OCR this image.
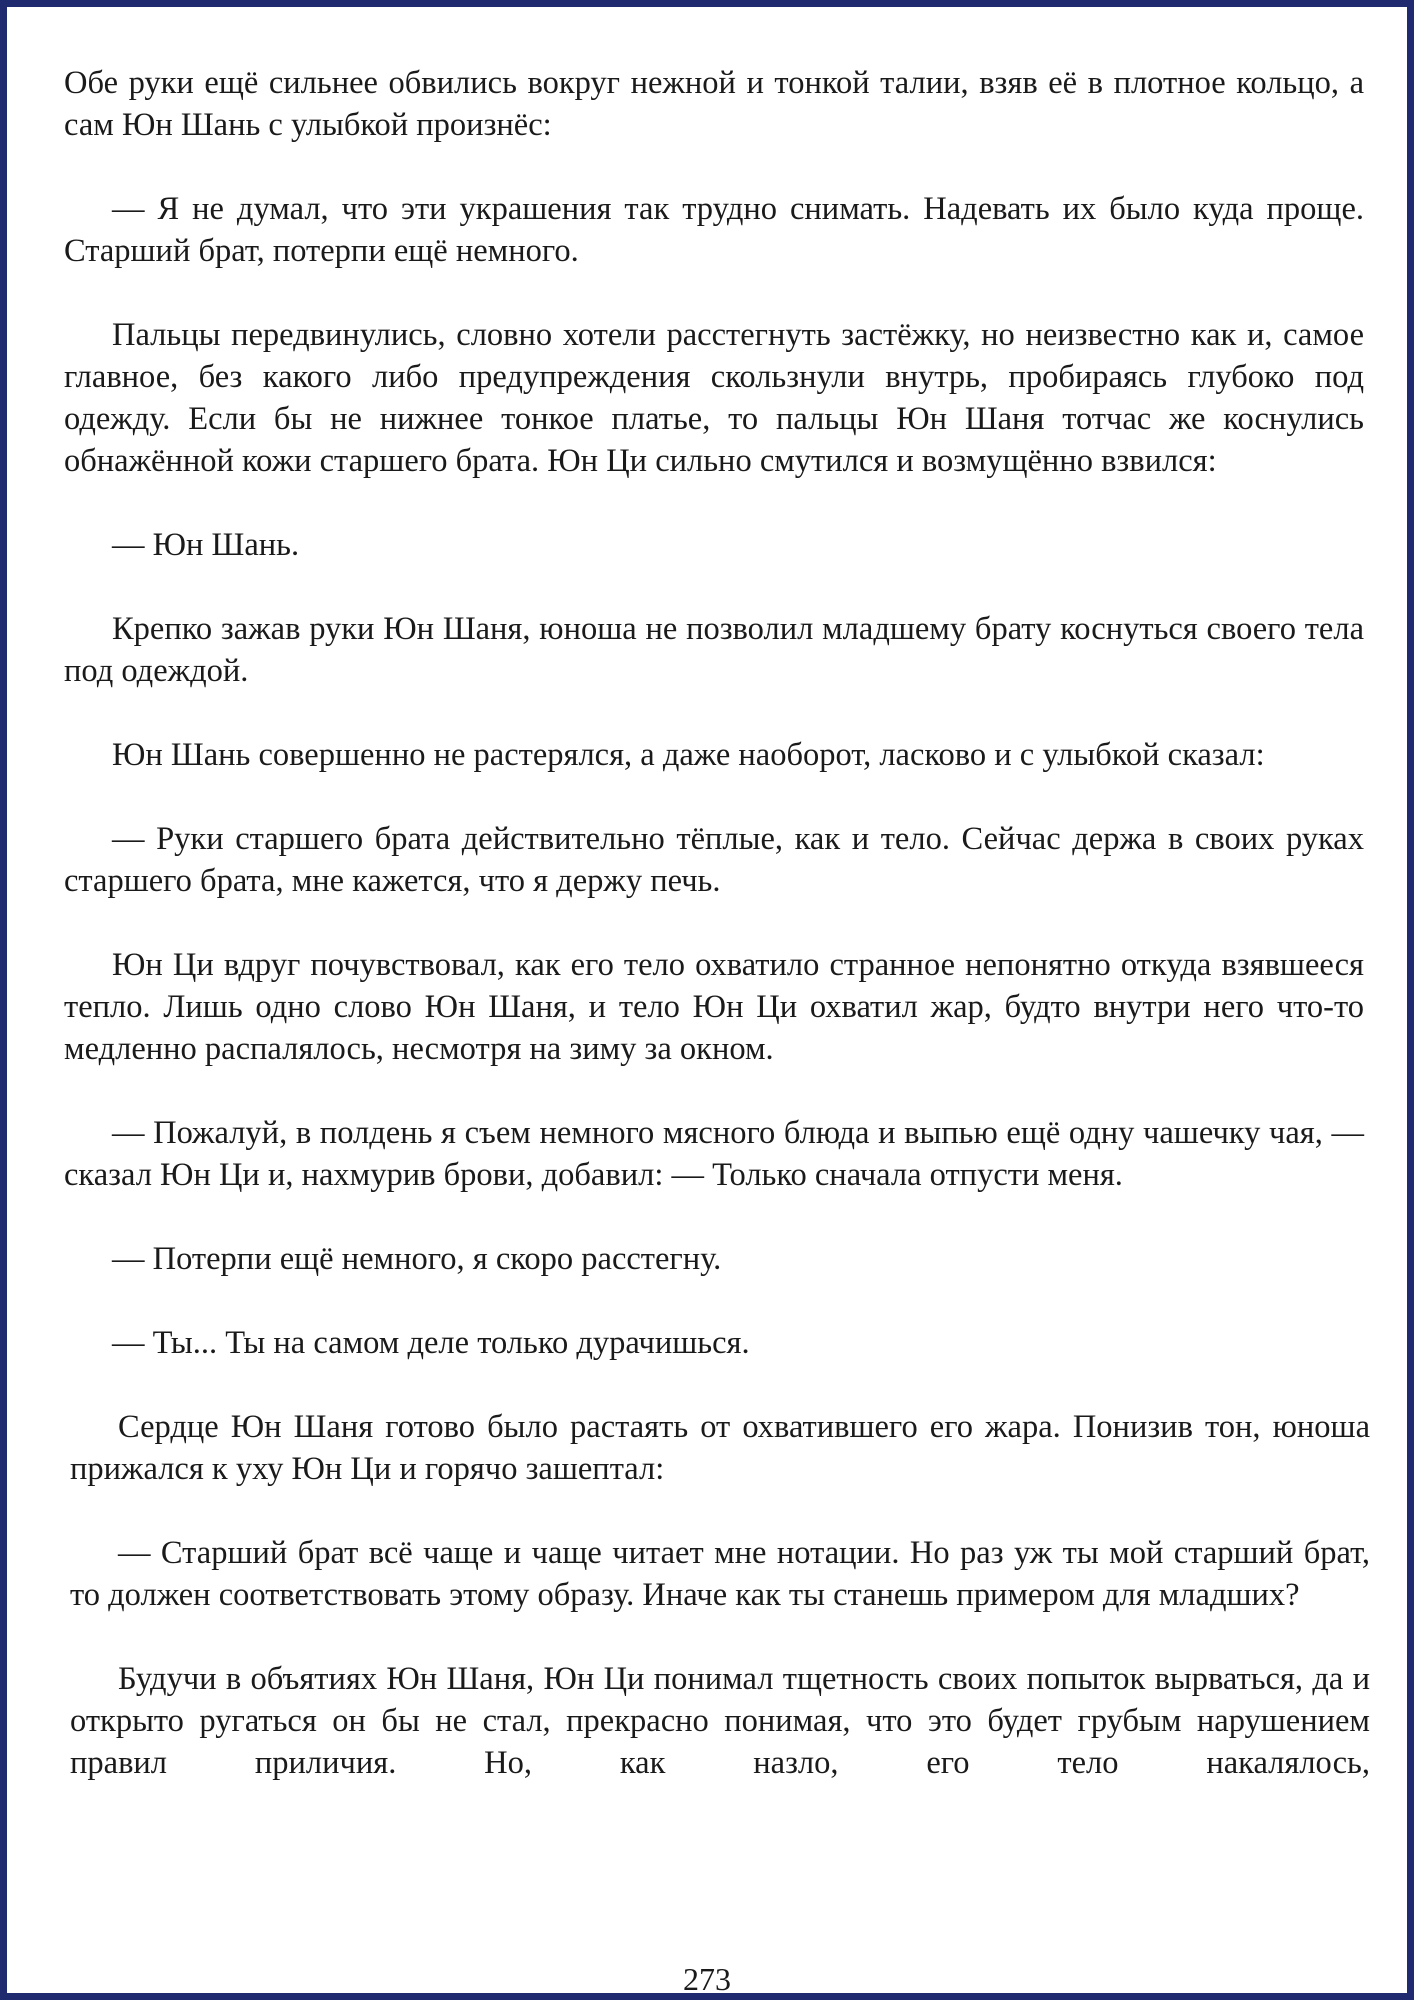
Обе руки ещё сильнее обвились вокруг нежной и тонкой талии, взяв её в плотное кольцо, а сам Юн Шань с улыбкой произнёс:

— Я не думал, что эти украшения так трудно снимать. Надевать их было куда проще. Старший брат, потерпи ещё немного.

Пальцы передвинулись, словно хотели расстегнуть застёжку, но неизвестно как и, самое главное, без какого либо предупреждения скользнули внутрь, пробираясь глубоко под одежду. Если бы не нижнее тонкое платье, то пальцы Юн Шаня тотчас же коснулись обнажённой кожи старшего брата. Юн Ци сильно смутился и возмущённо взвился:

— Юн Шань.

Крепко зажав руки Юн Шаня, юноша не позволил младшему брату коснуться своего тела под одеждой.

Юн Шань совершенно не растерялся, а даже наоборот, ласково и с улыбкой сказал:

— Руки старшего брата действительно тёплые, как и тело. Сейчас держа в своих руках старшего брата, мне кажется, что я держу печь.

Юн Ци вдруг почувствовал, как его тело охватило странное непонятно откуда взявшееся тепло. Лишь одно слово Юн Шаня, и тело Юн Ци охватил жар, будто внутри него что-то медленно распалялось, несмотря на зиму за окном.

— Пожалуй, в полдень я съем немного мясного блюда и выпью ещё одну чашечку чая, — сказал Юн Ци и, нахмурив брови, добавил: — Только сначала отпусти меня.

— Потерпи ещё немного, я скоро расстегну.

— Ты... Ты на самом деле только дурачишься.

Сердце Юн Шаня готово было растаять от охватившего его жара. Понизив тон, юноша прижался к уху Юн Ци и горячо зашептал:

— Старший брат всё чаще и чаще читает мне нотации. Но раз уж ты мой старший брат, то должен соответствовать этому образу. Иначе как ты станешь примером для младших?

Будучи в объятиях Юн Шаня, Юн Ци понимал тщетность своих попыток вырваться, да и открыто ругаться он бы не стал, прекрасно понимая, что это будет грубым нарушением правил приличия. Но, как назло, его тело накалялось,

273
